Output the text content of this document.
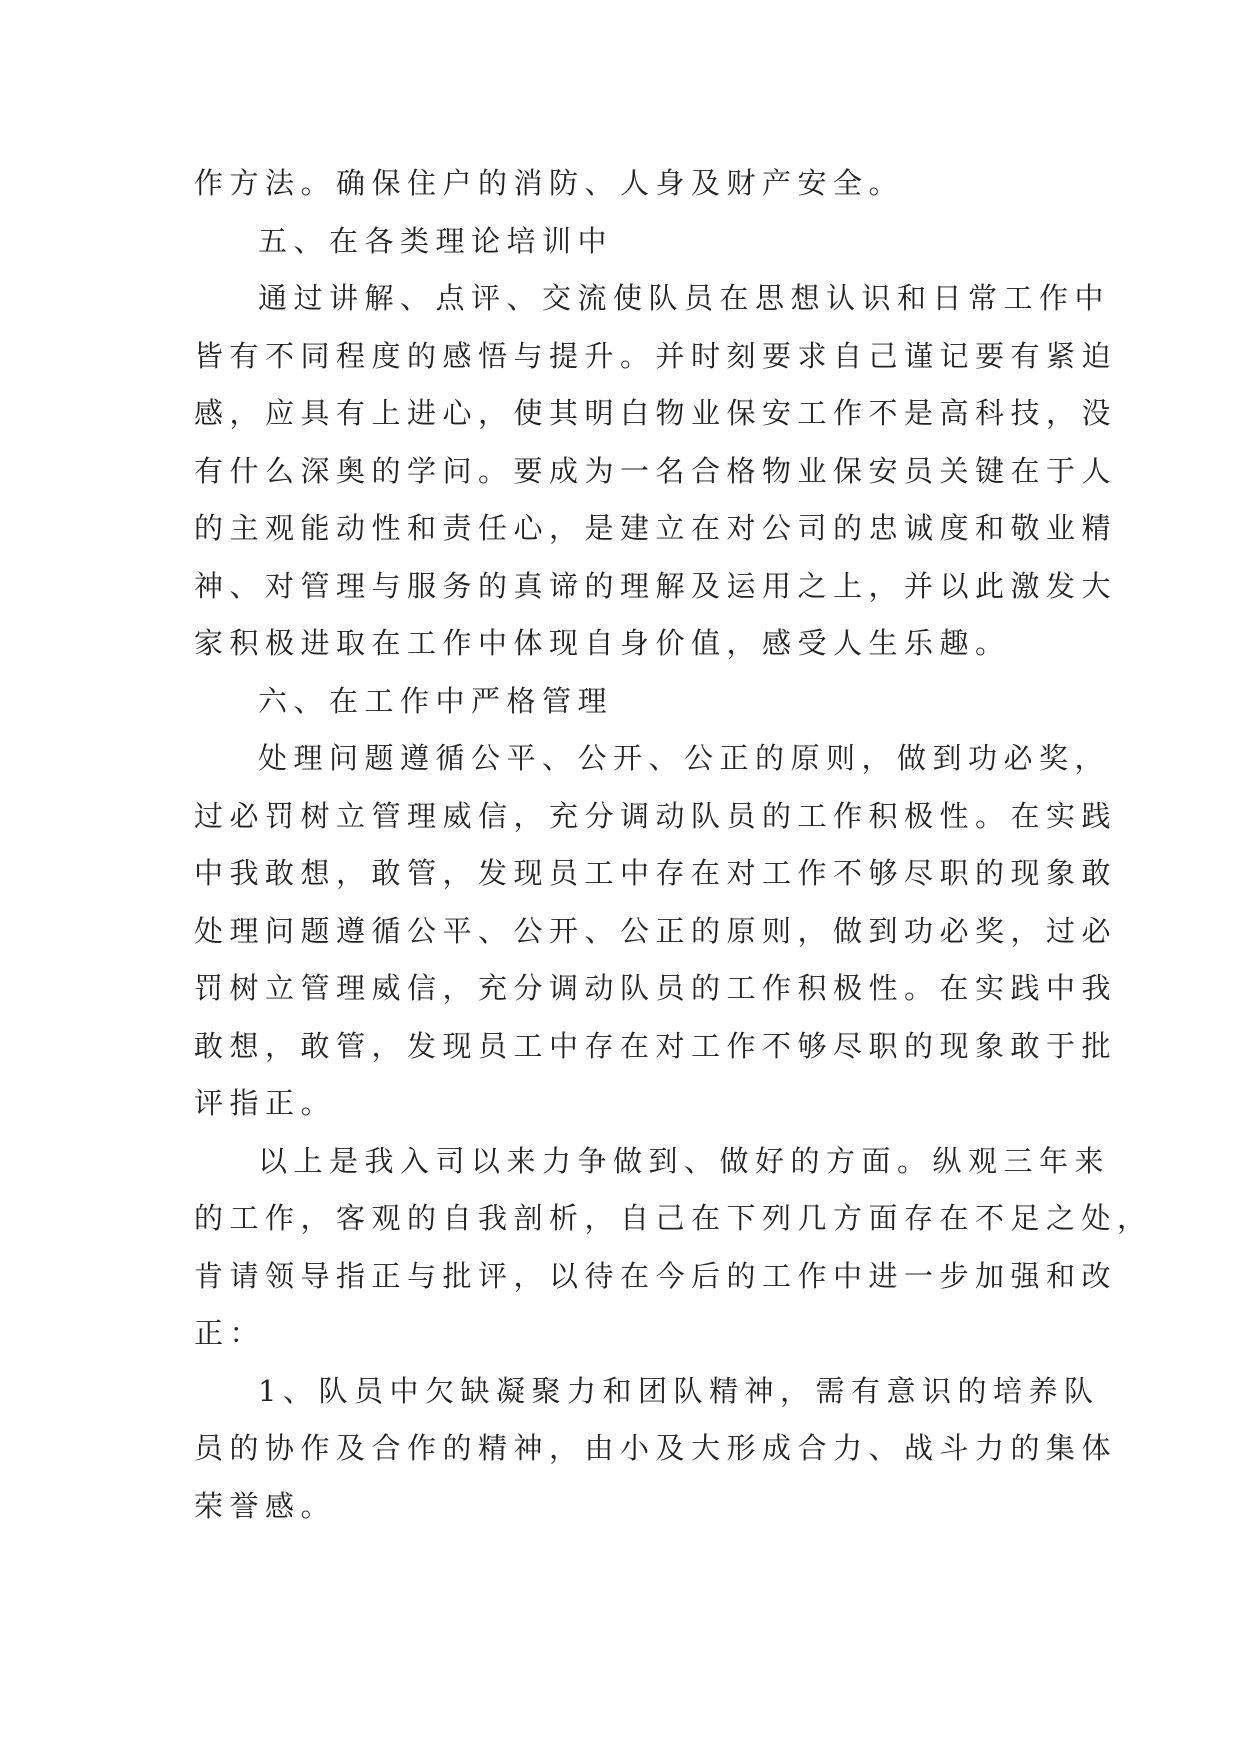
作方法。确保住户的消防、人身及财产安全。
五、在各类理论培训中
通过讲解、点评、交流使队员在思想认识和日常工作中
皆有不同程度的感悟与提升。并时刻要求自己谨记要有紧迫
感，应具有上进心，使其明白物业保安工作不是高科技，没
有什么深奥的学问。要成为一名合格物业保安员关键在于人
的主观能动性和责任心，是建立在对公司的忠诚度和敬业精
神、对管理与服务的真谛的理解及运用之上，并以此激发大
家积极进取在工作中体现自身价值，感受人生乐趣。
六、在工作中严格管理
处理问题遵循公平、公开、公正的原则，做到功必奖，
过必罚树立管理威信，充分调动队员的工作积极性。在实践
中我敢想，敢管，发现员工中存在对工作不够尽职的现象敢
处理问题遵循公平、公开、公正的原则，做到功必奖，过必
罚树立管理威信，充分调动队员的工作积极性。在实践中我
敢想，敢管，发现员工中存在对工作不够尽职的现象敢于批
评指正。
以上是我入司以来力争做到、做好的方面。纵观三年来
的工作，客观的自我剖析，自己在下列几方面存在不足之处，
肯请领导指正与批评，以待在今后的工作中进一步加强和改
正：
1、队员中欠缺凝聚力和团队精神，需有意识的培养队
员的协作及合作的精神，由小及大形成合力、战斗力的集体
荣誉感。
